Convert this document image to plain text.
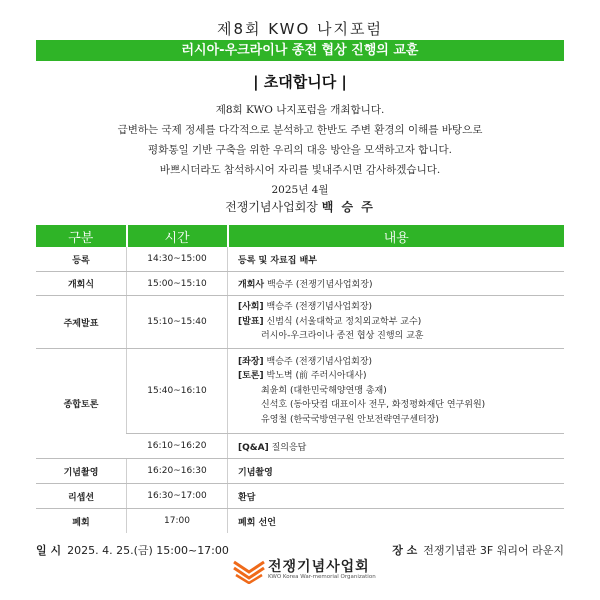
제8회 KWO 나지포럼
러시아-우크라이나 종전 협상 진행의 교훈
| 초대합니다 |
제8회 KWO 나지포럼을 개최합니다.
급변하는 국제 정세를 다각적으로 분석하고 한반도 주변 환경의 이해를 바탕으로
평화통일 기반 구축을 위한 우리의 대응 방안을 모색하고자 합니다.
바쁘시더라도 참석하시어 자리를 빛내주시면 감사하겠습니다.
2025년 4월
전쟁기념사업회장 백 승 주
구분	시간	내용
등록	14:30~15:00	등록 및 자료집 배부
개회식	15:00~15:10	개회사 백승주 (전쟁기념사업회장)
주제발표	15:10~15:40	[사회] 백승주 (전쟁기념사업회장)
[발표] 신범식 (서울대학교 정치외교학부 교수)
러시아-우크라이나 종전 협상 진행의 교훈

종합토론	15:40~16:10	[좌장] 백승주 (전쟁기념사업회장)
[토론] 박노벽 (前 주러시아대사)
최윤희 (대한민국해양연맹 총재)
신석호 (동아닷컴 대표이사 전무, 화정평화재단 연구위원)
유영철 (한국국방연구원 안보전략연구센터장)

	16:10~16:20	[Q&A] 질의응답
기념촬영	16:20~16:30	기념촬영
리셉션	16:30~17:00	환담
폐회	17:00	폐회 선언
일 시 2025. 4. 25.(금) 15:00~17:00	장 소 전쟁기념관 3F 워리어 라운지
전쟁기념사업회
KWO Korea War-memorial Organization
